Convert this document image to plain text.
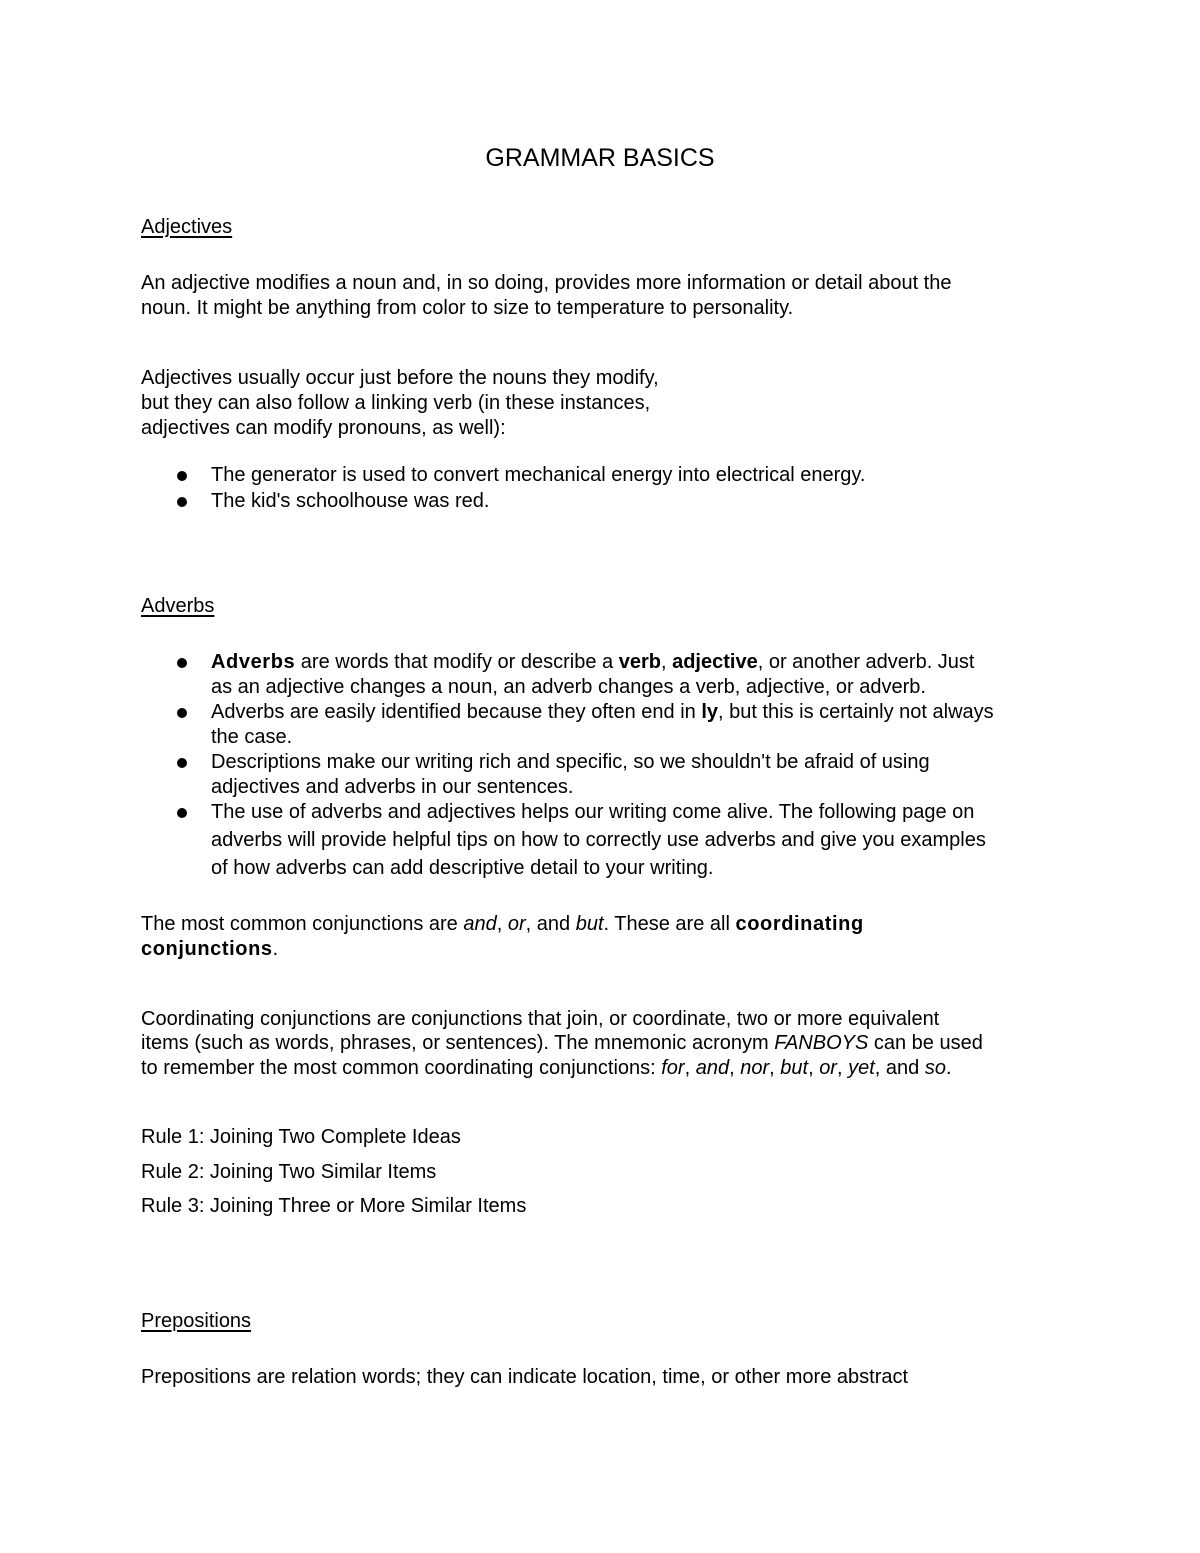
GRAMMAR BASICS
Adjectives
An adjective modifies a noun and, in so doing, provides more information or detail about the
noun. It might be anything from color to size to temperature to personality.
Adjectives usually occur just before the nouns they modify,
but they can also follow a linking verb (in these instances,
adjectives can modify pronouns, as well):
The generator is used to convert mechanical energy into electrical energy.
The kid's schoolhouse was red.
Adverbs
Adverbs are words that modify or describe a verb, adjective, or another adverb. Just
as an adjective changes a noun, an adverb changes a verb, adjective, or adverb.
Adverbs are easily identified because they often end in ly, but this is certainly not always
the case.
Descriptions make our writing rich and specific, so we shouldn't be afraid of using
adjectives and adverbs in our sentences.
The use of adverbs and adjectives helps our writing come alive. The following page on
adverbs will provide helpful tips on how to correctly use adverbs and give you examples
of how adverbs can add descriptive detail to your writing.
The most common conjunctions are and, or, and but. These are all coordinating
conjunctions.
Coordinating conjunctions are conjunctions that join, or coordinate, two or more equivalent
items (such as words, phrases, or sentences). The mnemonic acronym FANBOYS can be used
to remember the most common coordinating conjunctions: for, and, nor, but, or, yet, and so.
Rule 1: Joining Two Complete Ideas
Rule 2: Joining Two Similar Items
Rule 3: Joining Three or More Similar Items
Prepositions
Prepositions are relation words; they can indicate location, time, or other more abstract
